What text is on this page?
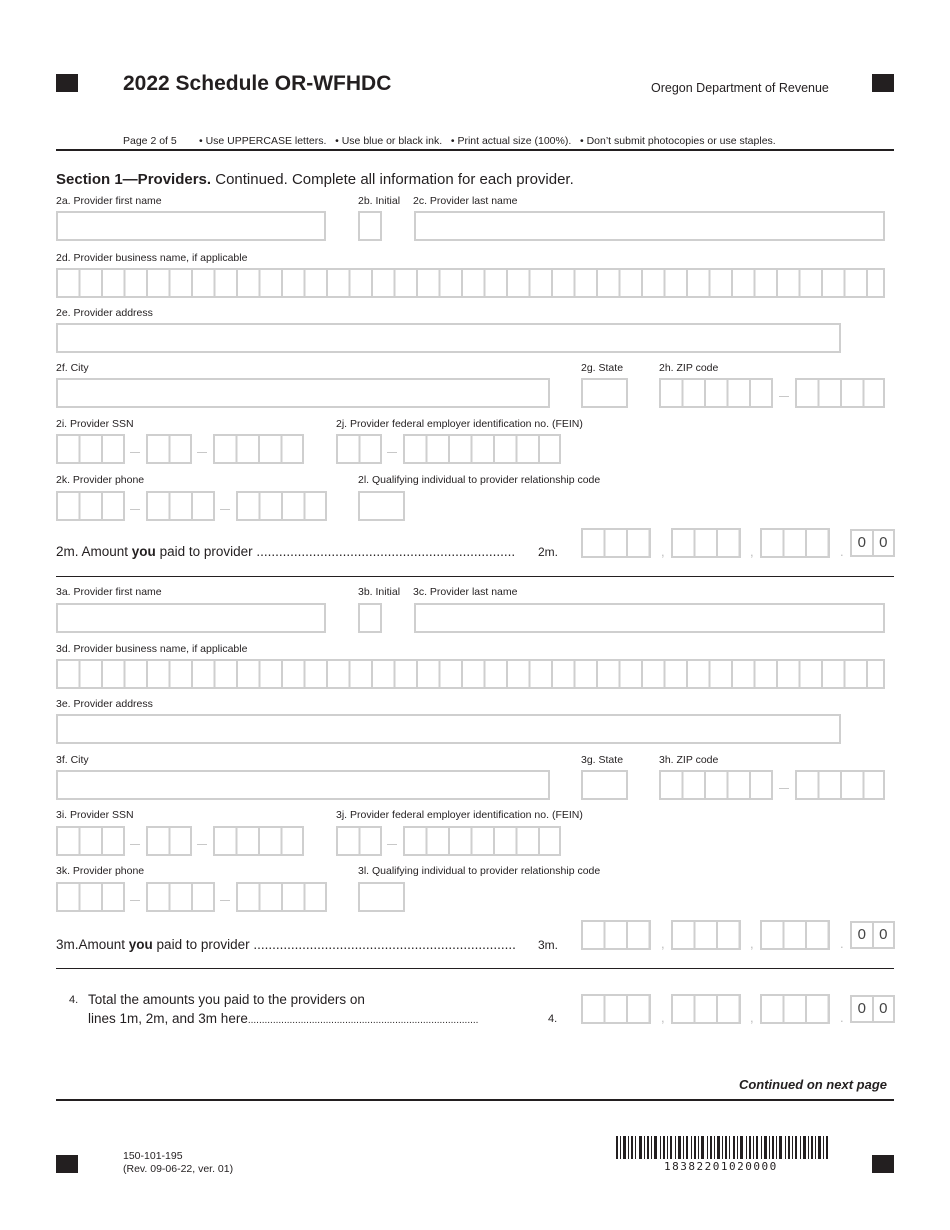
2022 Schedule OR-WFHDC	Oregon Department of Revenue
Page 2 of 5 • Use UPPERCASE letters.   • Use blue or black ink.   • Print actual size (100%).   • Don’t submit photocopies or use staples.
Section 1—Providers. Continued. Complete all information for each provider.
2a. Provider first name	2b. Initial 2c. Provider last name
2d. Provider business name, if applicable
2e. Provider address
2f. City	2g. State	2h. ZIP code
2i. Provider SSN	2j. Provider federal employer identification no. (FEIN)
2k. Provider phone	2l. Qualifying individual to provider relationship code
2m. Amount you paid to provider ..................................................................... 2m.	,	,	.
0 0
3a. Provider first name	3b. Initial 3c. Provider last name
3d. Provider business name, if applicable
3e. Provider address
3f. City	3g. State	3h. ZIP code
3i. Provider SSN	3j. Provider federal employer identification no. (FEIN)
3k. Provider phone	3l. Qualifying individual to provider relationship code
3m.Amount you paid to provider ...................................................................... 3m.	,	,	.
0 0
4. Total the amounts you paid to the providers on
lines 1m, 2m, and 3m here...................................................................................	4.	,	,	.
0 0
Continued on next page
150-101-195
(Rev. 09-06-22, ver. 01)	18382201020000
